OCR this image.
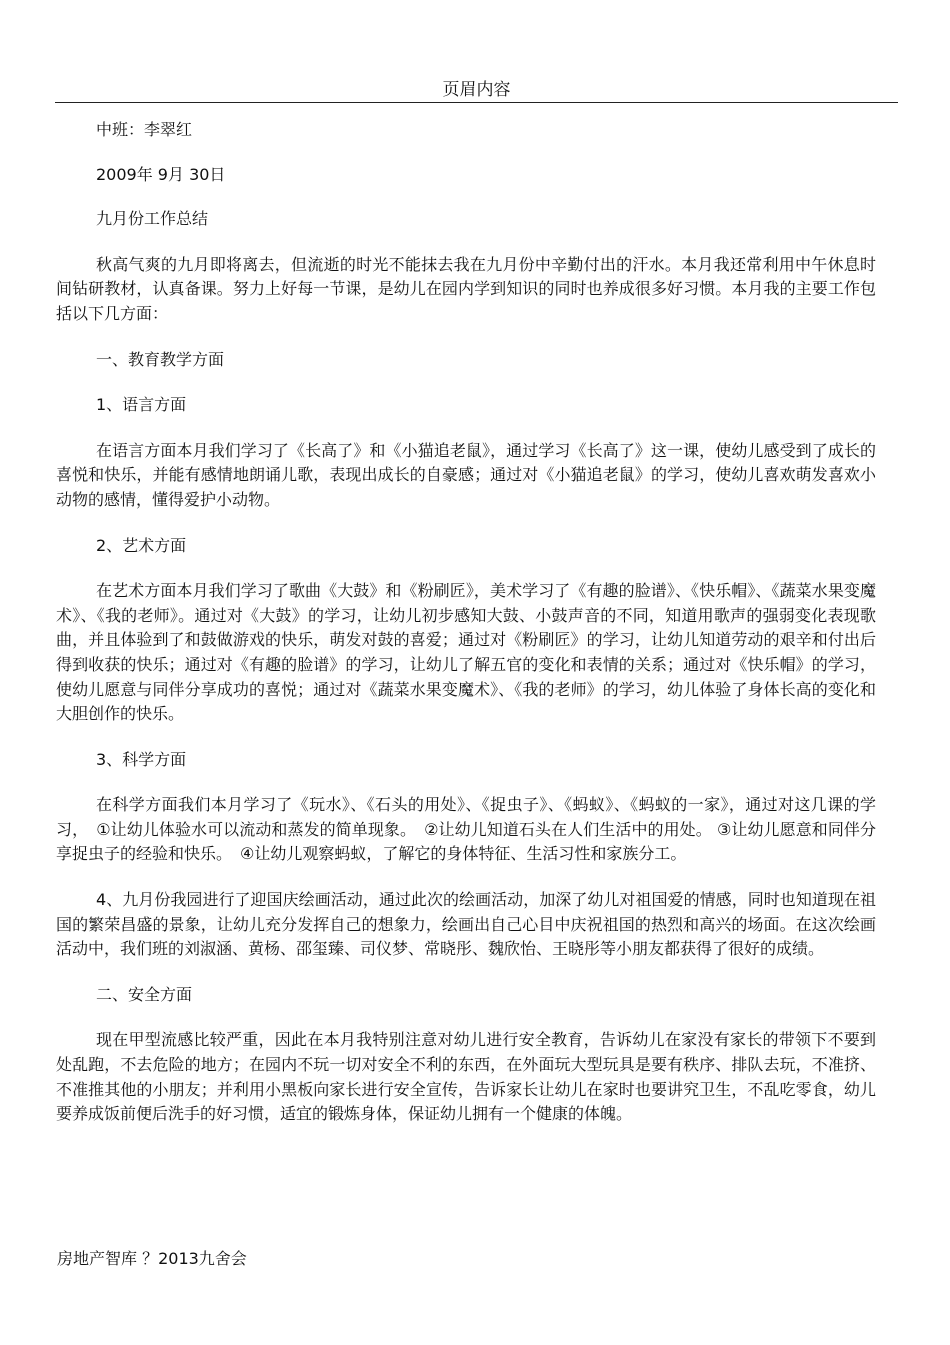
页眉内容

中班：李翠红

2009年 9月 30日

九月份工作总结

秋高气爽的九月即将离去，但流逝的时光不能抹去我在九月份中辛勤付出的汗水。本月我还常利用中午休息时间钻研教材，认真备课。努力上好每一节课，是幼儿在园内学到知识的同时也养成很多好习惯。本月我的主要工作包括以下几方面：

一、教育教学方面

1、语言方面

在语言方面本月我们学习了《长高了》和《小猫追老鼠》，通过学习《长高了》这一课，使幼儿感受到了成长的喜悦和快乐，并能有感情地朗诵儿歌，表现出成长的自豪感；通过对《小猫追老鼠》的学习，使幼儿喜欢萌发喜欢小动物的感情，懂得爱护小动物。

2、艺术方面

在艺术方面本月我们学习了歌曲《大鼓》和《粉刷匠》，美术学习了《有趣的脸谱》、《快乐帽》、《蔬菜水果变魔术》、《我的老师》。通过对《大鼓》的学习，让幼儿初步感知大鼓、小鼓声音的不同，知道用歌声的强弱变化表现歌曲，并且体验到了和鼓做游戏的快乐，萌发对鼓的喜爱；通过对《粉刷匠》的学习，让幼儿知道劳动的艰辛和付出后得到收获的快乐；通过对《有趣的脸谱》的学习，让幼儿了解五官的变化和表情的关系；通过对《快乐帽》的学习，使幼儿愿意与同伴分享成功的喜悦；通过对《蔬菜水果变魔术》、《我的老师》的学习，幼儿体验了身体长高的变化和大胆创作的快乐。

3、科学方面

在科学方面我们本月学习了《玩水》、《石头的用处》、《捉虫子》、《蚂蚁》、《蚂蚁的一家》，通过对这几课的学习，　①让幼儿体验水可以流动和蒸发的简单现象。　②让幼儿知道石头在人们生活中的用处。 ③让幼儿愿意和同伴分享捉虫子的经验和快乐。　④让幼儿观察蚂蚁，了解它的身体特征、生活习性和家族分工。

4、九月份我园进行了迎国庆绘画活动，通过此次的绘画活动，加深了幼儿对祖国爱的情感，同时也知道现在祖国的繁荣昌盛的景象，让幼儿充分发挥自己的想象力，绘画出自己心目中庆祝祖国的热烈和高兴的场面。在这次绘画活动中，我们班的刘淑涵、黄杨、邵玺臻、司仪梦、常晓彤、魏欣怡、王晓彤等小朋友都获得了很好的成绩。

二、安全方面

现在甲型流感比较严重，因此在本月我特别注意对幼儿进行安全教育，告诉幼儿在家没有家长的带领下不要到处乱跑，不去危险的地方；在园内不玩一切对安全不利的东西，在外面玩大型玩具是要有秩序、排队去玩，不准挤、不准推其他的小朋友；并利用小黑板向家长进行安全宣传，告诉家长让幼儿在家时也要讲究卫生，不乱吃零食，幼儿要养成饭前便后洗手的好习惯，适宜的锻炼身体，保证幼儿拥有一个健康的体魄。

房地产智库 ？2013九舍会
